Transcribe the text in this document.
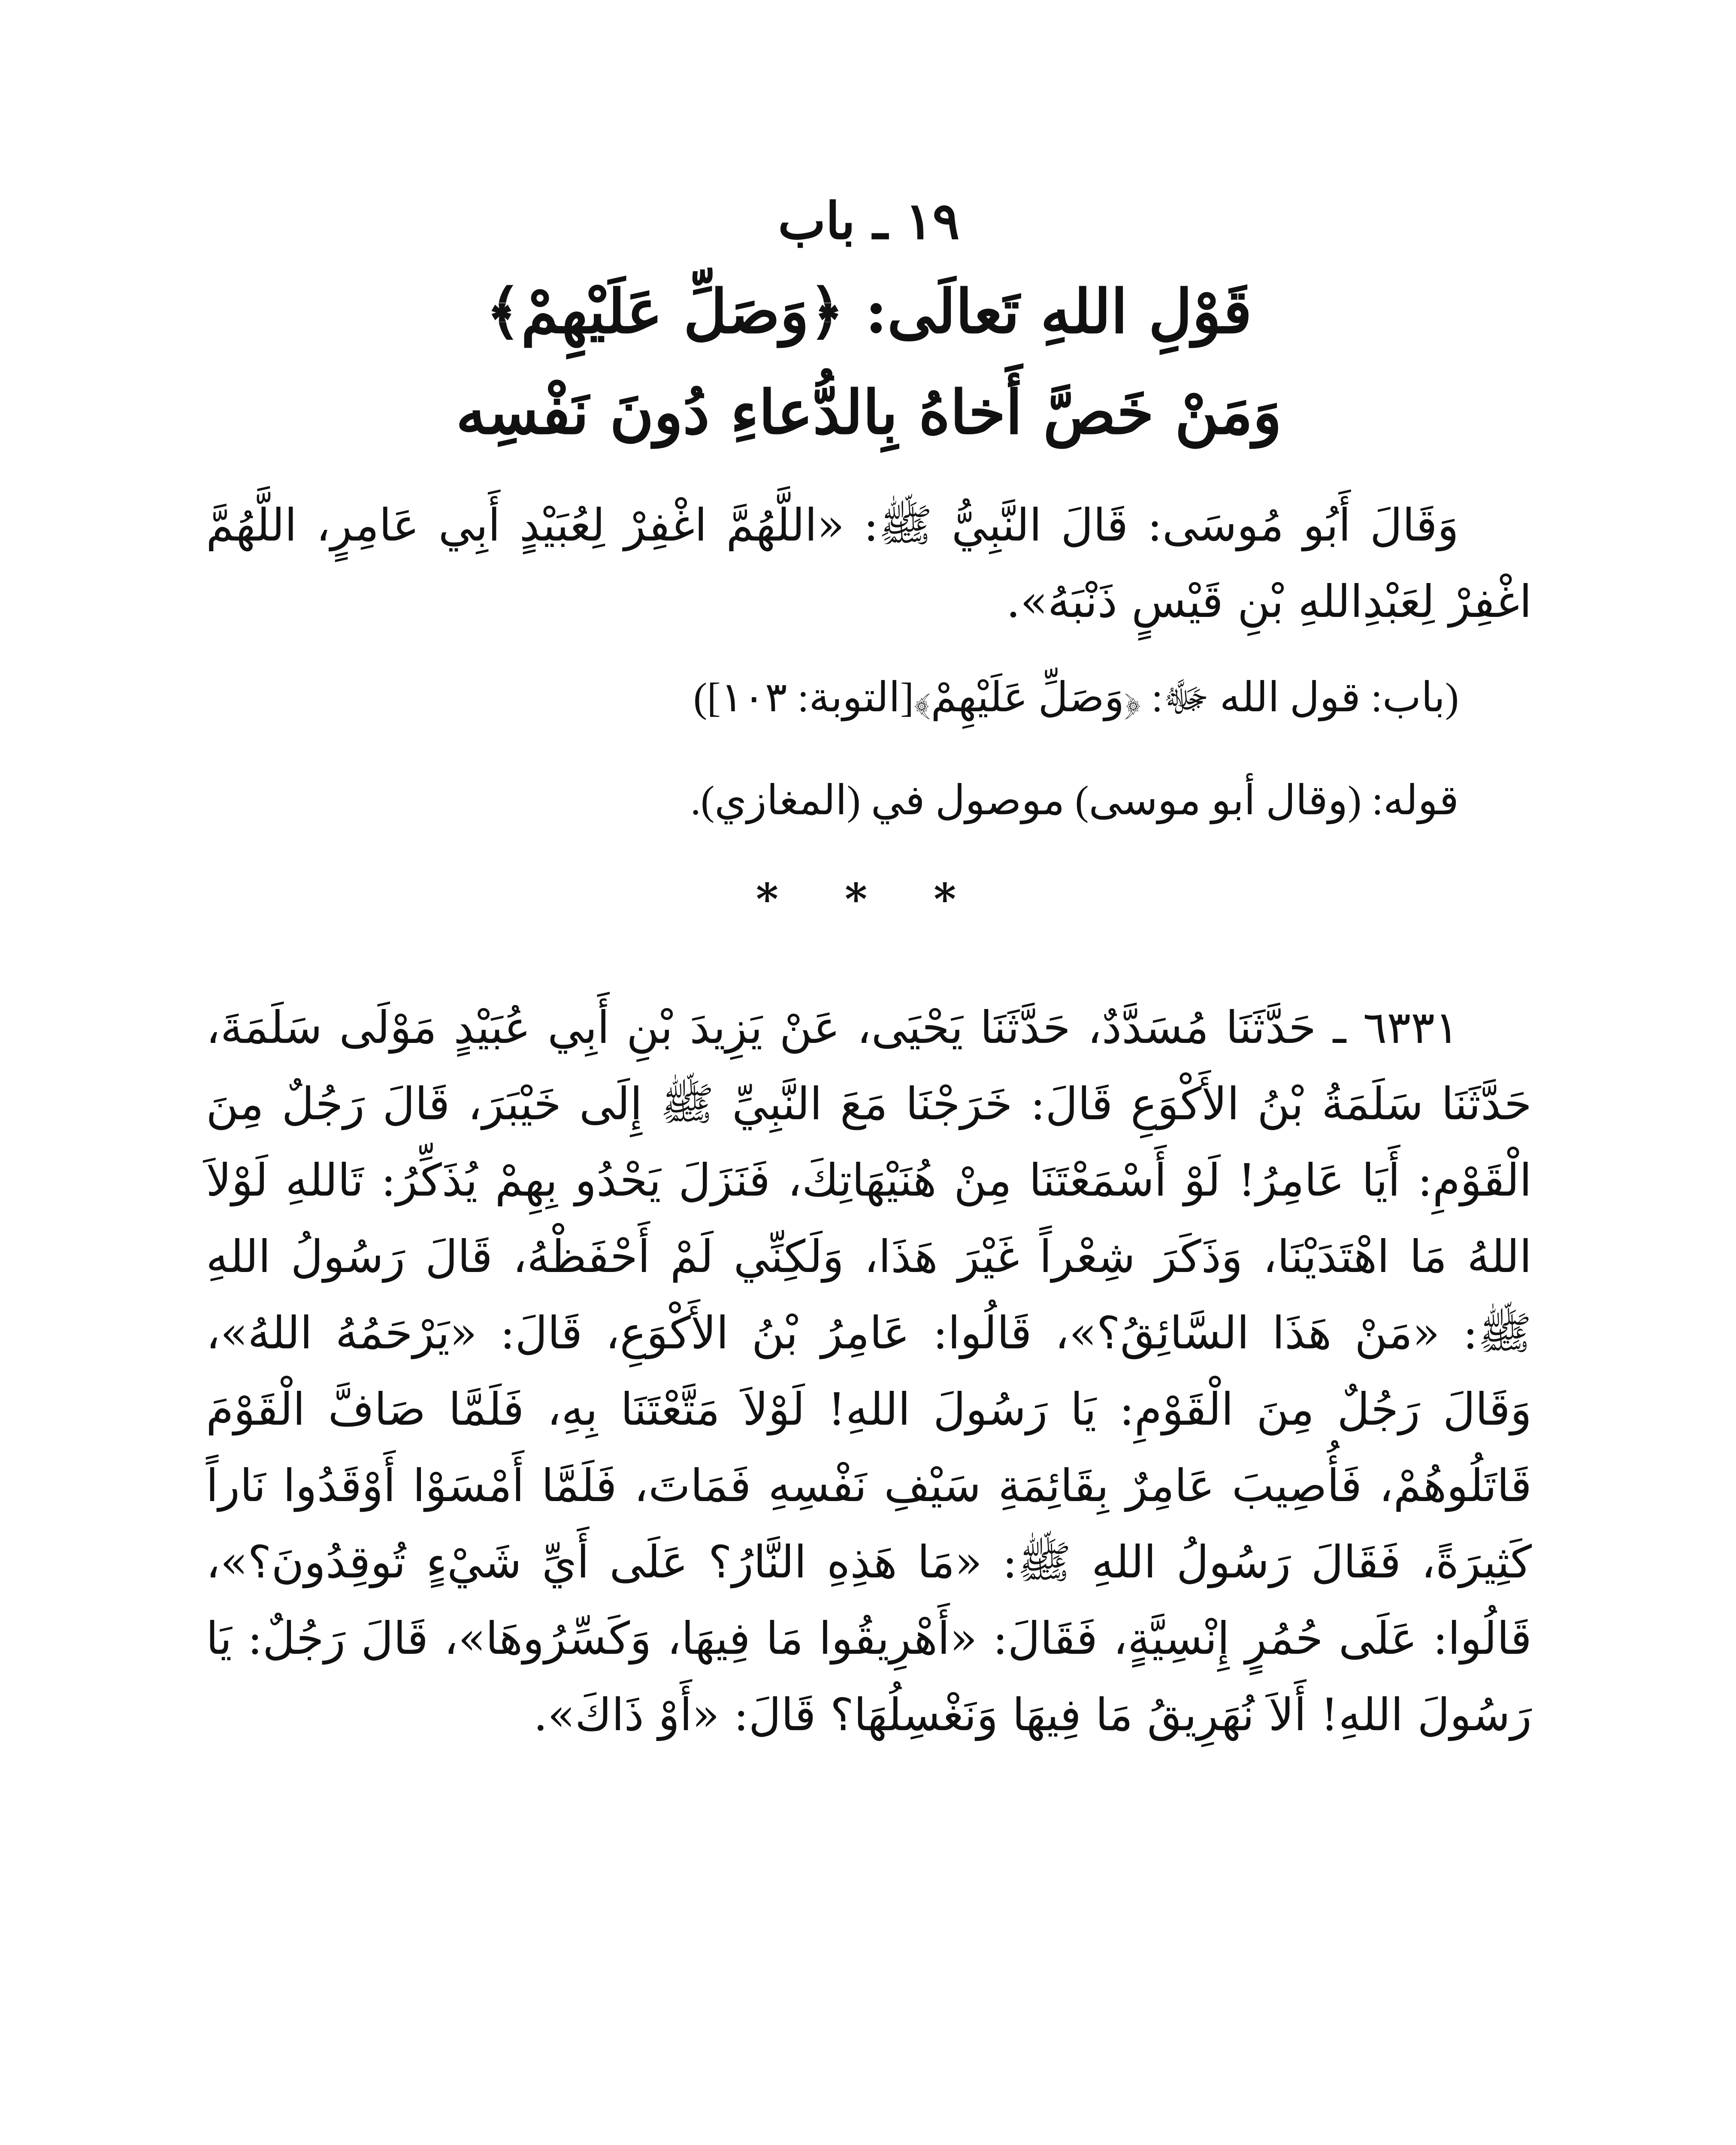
١٩ ـ باب
قَوْلِ اللهِ تَعالَى: ﴿وَصَلِّ عَلَيْهِمْ﴾
وَمَنْ خَصَّ أَخاهُ بِالدُّعاءِ دُونَ نَفْسِه

وَقَالَ أَبُو مُوسَى: قَالَ النَّبِيُّ ﷺ: «اللَّهُمَّ اغْفِرْ لِعُبَيْدٍ أَبِي عَامِرٍ، اللَّهُمَّ اغْفِرْ لِعَبْدِاللهِ بْنِ قَيْسٍ ذَنْبَهُ».

(باب: قول الله ﷻ: ﴿وَصَلِّ عَلَيْهِمْ﴾[التوبة: ١٠٣])

قوله: (وقال أبو موسى) موصول في (المغازي).

* * *

٦٣٣١ ـ حَدَّثَنَا مُسَدَّدٌ، حَدَّثَنَا يَحْيَى، عَنْ يَزِيدَ بْنِ أَبِي عُبَيْدٍ مَوْلَى سَلَمَةَ، حَدَّثَنَا سَلَمَةُ بْنُ الأَكْوَعِ قَالَ: خَرَجْنَا مَعَ النَّبِيِّ ﷺ إِلَى خَيْبَرَ، قَالَ رَجُلٌ مِنَ الْقَوْمِ: أَيَا عَامِرُ! لَوْ أَسْمَعْتَنَا مِنْ هُنَيْهَاتِكَ، فَنَزَلَ يَحْدُو بِهِمْ يُذَكِّرُ: تَاللهِ لَوْلاَ اللهُ مَا اهْتَدَيْنَا، وَذَكَرَ شِعْراً غَيْرَ هَذَا، وَلَكِنِّي لَمْ أَحْفَظْهُ، قَالَ رَسُولُ اللهِ ﷺ: «مَنْ هَذَا السَّائِقُ؟»، قَالُوا: عَامِرُ بْنُ الأَكْوَعِ، قَالَ: «يَرْحَمُهُ اللهُ»، وَقَالَ رَجُلٌ مِنَ الْقَوْمِ: يَا رَسُولَ اللهِ! لَوْلاَ مَتَّعْتَنَا بِهِ، فَلَمَّا صَافَّ الْقَوْمَ قَاتَلُوهُمْ، فَأُصِيبَ عَامِرٌ بِقَائِمَةِ سَيْفِ نَفْسِهِ فَمَاتَ، فَلَمَّا أَمْسَوْا أَوْقَدُوا نَاراً كَثِيرَةً، فَقَالَ رَسُولُ اللهِ ﷺ: «مَا هَذِهِ النَّارُ؟ عَلَى أَيِّ شَيْءٍ تُوقِدُونَ؟»، قَالُوا: عَلَى حُمُرٍ إِنْسِيَّةٍ، فَقَالَ: «أَهْرِيقُوا مَا فِيهَا، وَكَسِّرُوهَا»، قَالَ رَجُلٌ: يَا رَسُولَ اللهِ! أَلاَ نُهَرِيقُ مَا فِيهَا وَنَغْسِلُهَا؟ قَالَ: «أَوْ ذَاكَ».
